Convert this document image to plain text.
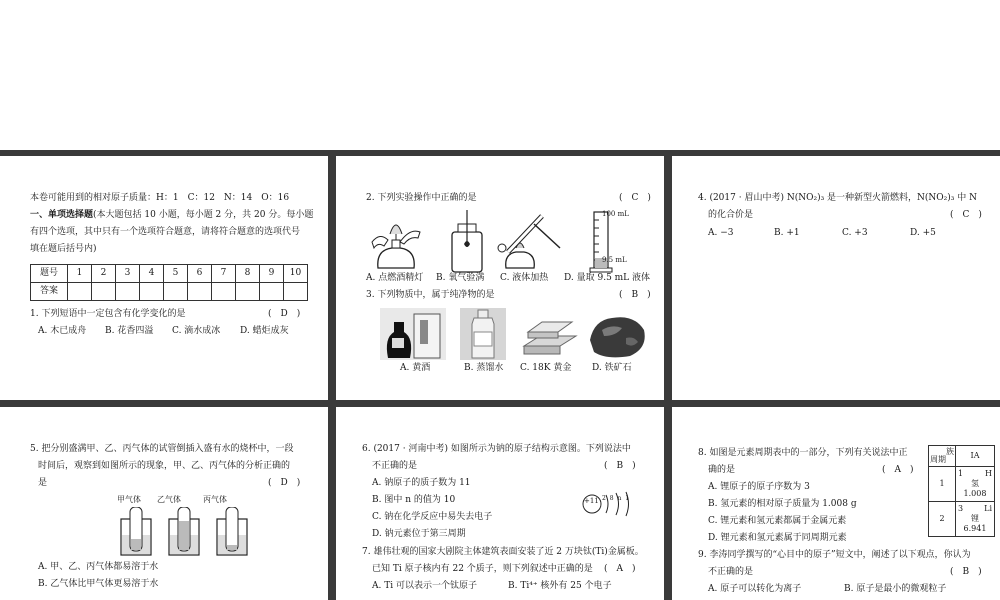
本卷可能用到的相对原子质量：H：1　C：12　N：14　O：16
一、单项选择题(本大题包括 10 小题，每小题 2 分，共 20 分。每小题
有四个选项，其中只有一个选项符合题意，请将符合题意的选项代号
填在题后括号内)
题号	1	2	3	4	5	6	7	8	9	10
答案										
1. 下列短语中一定包含有化学变化的是	(　D　)
A. 木已成舟 B. 花香四溢 C. 滴水成冰 D. 蜡炬成灰
2. 下列实验操作中正确的是	(　C　)
100 mL
9.5 mL
A. 点燃酒精灯 B. 氧气验满 C. 液体加热 D. 量取 9.5 mL 液体
3. 下列物质中，属于纯净物的是	(　B　)
A. 黄酒	B. 蒸馏水 C. 18K 黄金 D. 铁矿石
4. (2017 · 眉山中考) N(NO₂)₃ 是一种新型火箭燃料，N(NO₂)₃ 中 N
的化合价是	(　C　)
A. −3	B. +1	C. +3	D. +5
5. 把分别盛满甲、乙、丙气体的试管倒插入盛有水的烧杯中，一段
时间后，观察到如图所示的现象，甲、乙、丙气体的分析正确的
是	(　D　)
甲气体 乙气体	丙气体
A. 甲、乙、丙气体都易溶于水
B. 乙气体比甲气体更易溶于水
6. (2017 · 河南中考) 如图所示为钠的原子结构示意图。下列说法中
不正确的是	(　B　)
A. 钠原子的质子数为 11
B. 图中 n 的值为 10
C. 钠在化学反应中易失去电子
D. 钠元素位于第三周期
+11 2 8 n 1
7. 雄伟壮观的国家大剧院主体建筑表面安装了近 2 万块钛(Ti)金属板。
已知 Ti 原子核内有 22 个质子，则下列叙述中正确的是 (　A　)
A. Ti 可以表示一个钛原子	B. Ti⁴⁺ 核外有 25 个电子
8. 如图是元素周期表中的一部分，下列有关说法中正
确的是	(　A　)
A. 锂原子的原子序数为 3
B. 氢元素的相对原子质量为 1.008 g
C. 锂元素和氢元素都属于金属元素
D. 锂元素和氢元素属于同周期元素
族
周期	IA
1	1 H
氢
1.008

2	3 Li
锂
6.941
9. 李涛同学撰写的“心目中的原子”短文中，阐述了以下观点，你认为
不正确的是	(　B　)
A. 原子可以转化为离子	B. 原子是最小的微观粒子
